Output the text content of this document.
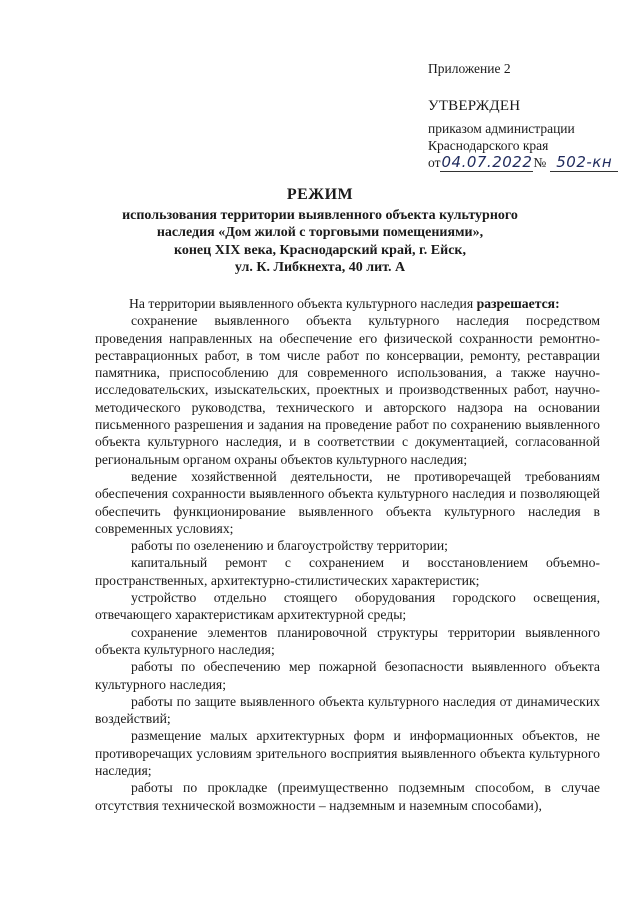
Приложение 2
УТВЕРЖДЕН
приказом администрации
Краснодарского края
от04.07.2022№ 502-кн
РЕЖИМ
использования территории выявленного объекта культурного
наследия «Дом жилой с торговыми помещениями»,
конец XIX века, Краснодарский край, г. Ейск,
ул. К. Либкнехта, 40 лит. А

На территории выявленного объекта культурного наследия разрешается:

сохранение выявленного объекта культурного наследия посредством проведения направленных на обеспечение его физической сохранности ремонтно-реставрационных работ, в том числе работ по консервации, ремонту, реставрации памятника, приспособлению для современного использования, а также научно-исследовательских, изыскательских, проектных и производственных работ, научно-методического руководства, технического и авторского надзора на основании письменного разрешения и задания на проведение работ по сохранению выявленного объекта культурного наследия, и в соответствии с документацией, согласованной региональным органом охраны объектов культурного наследия;

ведение хозяйственной деятельности, не противоречащей требованиям обеспечения сохранности выявленного объекта культурного наследия и позволяющей обеспечить функционирование выявленного объекта культурного наследия в современных условиях;

работы по озеленению и благоустройству территории;

капитальный ремонт с сохранением и восстановлением объемно-пространственных, архитектурно-стилистических характеристик;

устройство отдельно стоящего оборудования городского освещения, отвечающего характеристикам архитектурной среды;

сохранение элементов планировочной структуры территории выявленного объекта культурного наследия;

работы по обеспечению мер пожарной безопасности выявленного объекта культурного наследия;

работы по защите выявленного объекта культурного наследия от динамических воздействий;

размещение малых архитектурных форм и информационных объектов, не противоречащих условиям зрительного восприятия выявленного объекта культурного наследия;

работы по прокладке (преимущественно подземным способом, в случае отсутствия технической возможности – надземным и наземным способами),
